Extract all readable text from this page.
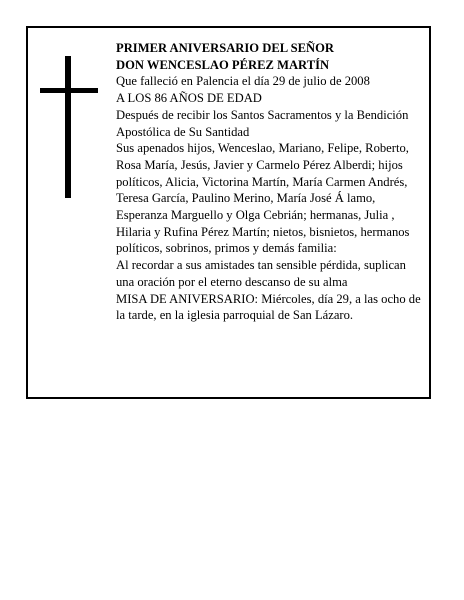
PRIMER ANIVERSARIO DEL SEÑOR

DON WENCESLAO PÉREZ MARTÍN

Que falleció en Palencia el día 29 de julio de 2008

A LOS 86 AÑOS DE EDAD

Después de recibir los Santos Sacramentos y la Bendición Apostólica de Su Santidad

Sus apenados hijos, Wenceslao, Mariano, Felipe, Roberto, Rosa María, Jesús, Javier y Carmelo Pérez Alberdi; hijos políticos, Alicia, Victorina Martín, María Carmen Andrés, Teresa García, Paulino Merino, María José Á lamo, Esperanza Marguello y Olga Cebrián; hermanas, Julia , Hilaria y Rufina Pérez Martín; nietos, bisnietos, hermanos políticos, sobrinos, primos y demás familia:

Al recordar a sus amistades tan sensible pérdida, suplican una oración por el eterno descanso de su alma

MISA DE ANIVERSARIO: Miércoles, día 29, a las ocho de la tarde, en la iglesia parroquial de San Lázaro.
